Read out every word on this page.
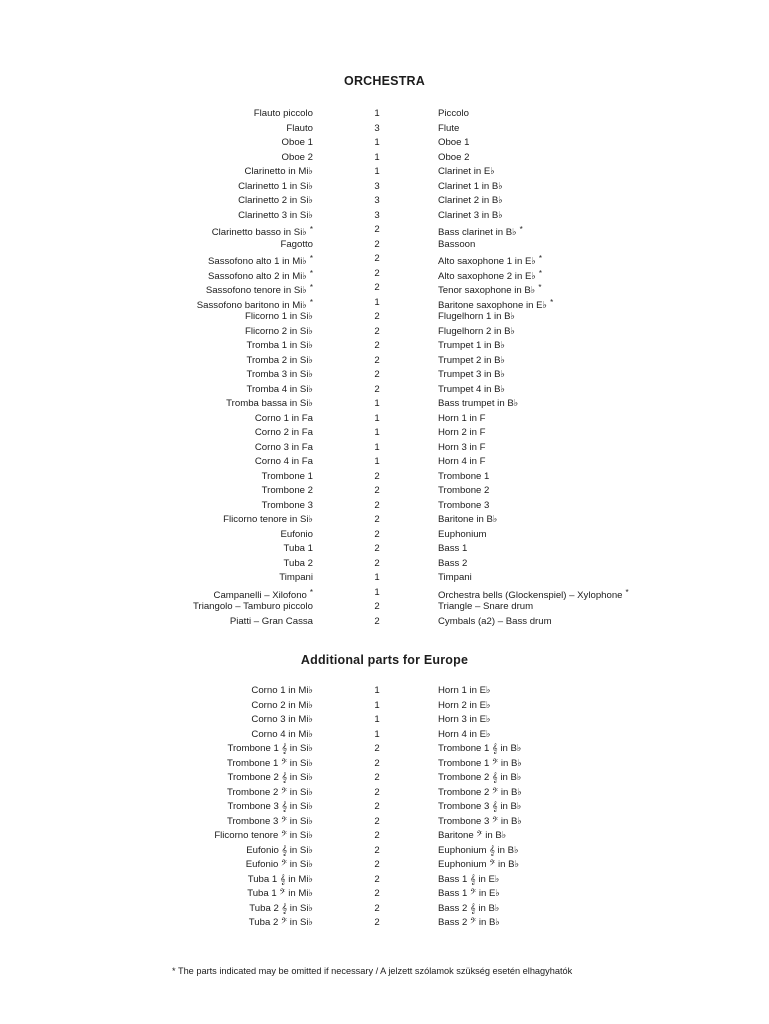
ORCHESTRA
Flauto piccolo	1	Piccolo
Flauto	3	Flute
Oboe 1	1	Oboe 1
Oboe 2	1	Oboe 2
Clarinetto in Mi♭	1	Clarinet in E♭
Clarinetto 1 in Si♭	3	Clarinet 1 in B♭
Clarinetto 2 in Si♭	3	Clarinet 2 in B♭
Clarinetto 3 in Si♭	3	Clarinet 3 in B♭
Clarinetto basso in Si♭ *	2	Bass clarinet in B♭ *
Fagotto	2	Bassoon
Sassofono alto 1 in Mi♭ *	2	Alto saxophone 1 in E♭ *
Sassofono alto 2 in Mi♭ *	2	Alto saxophone 2 in E♭ *
Sassofono tenore in Si♭ *	2	Tenor saxophone in B♭ *
Sassofono baritono in Mi♭ *	1	Baritone saxophone in E♭ *
Flicorno 1 in Si♭	2	Flugelhorn 1 in B♭
Flicorno 2 in Si♭	2	Flugelhorn 2 in B♭
Tromba 1 in Si♭	2	Trumpet 1 in B♭
Tromba 2 in Si♭	2	Trumpet 2 in B♭
Tromba 3 in Si♭	2	Trumpet 3 in B♭
Tromba 4 in Si♭	2	Trumpet 4 in B♭
Tromba bassa in Si♭	1	Bass trumpet in B♭
Corno 1 in Fa	1	Horn 1 in F
Corno 2 in Fa	1	Horn 2 in F
Corno 3 in Fa	1	Horn 3 in F
Corno 4 in Fa	1	Horn 4 in F
Trombone 1	2	Trombone 1
Trombone 2	2	Trombone 2
Trombone 3	2	Trombone 3
Flicorno tenore in Si♭	2	Baritone in B♭
Eufonio	2	Euphonium
Tuba 1	2	Bass 1
Tuba 2	2	Bass 2
Timpani	1	Timpani
Campanelli – Xilofono *	1	Orchestra bells (Glockenspiel) – Xylophone *
Triangolo – Tamburo piccolo	2	Triangle – Snare drum
Piatti – Gran Cassa	2	Cymbals (a2) – Bass drum
Additional parts for Europe
Corno 1 in Mi♭	1	Horn 1 in E♭
Corno 2 in Mi♭	1	Horn 2 in E♭
Corno 3 in Mi♭	1	Horn 3 in E♭
Corno 4 in Mi♭	1	Horn 4 in E♭
Trombone 1 𝄞 in Si♭	2	Trombone 1 𝄞 in B♭
Trombone 1 𝄢 in Si♭	2	Trombone 1 𝄢 in B♭
Trombone 2 𝄞 in Si♭	2	Trombone 2 𝄞 in B♭
Trombone 2 𝄢 in Si♭	2	Trombone 2 𝄢 in B♭
Trombone 3 𝄞 in Si♭	2	Trombone 3 𝄞 in B♭
Trombone 3 𝄢 in Si♭	2	Trombone 3 𝄢 in B♭
Flicorno tenore 𝄢 in Si♭	2	Baritone 𝄢 in B♭
Eufonio 𝄞 in Si♭	2	Euphonium 𝄞 in B♭
Eufonio 𝄢 in Si♭	2	Euphonium 𝄢 in B♭
Tuba 1 𝄞 in Mi♭	2	Bass 1 𝄞 in E♭
Tuba 1 𝄢 in Mi♭	2	Bass 1 𝄢 in E♭
Tuba 2 𝄞 in Si♭	2	Bass 2 𝄞 in B♭
Tuba 2 𝄢 in Si♭	2	Bass 2 𝄢 in B♭
* The parts indicated may be omitted if necessary / A jelzett szólamok szükség esetén elhagyhatók
